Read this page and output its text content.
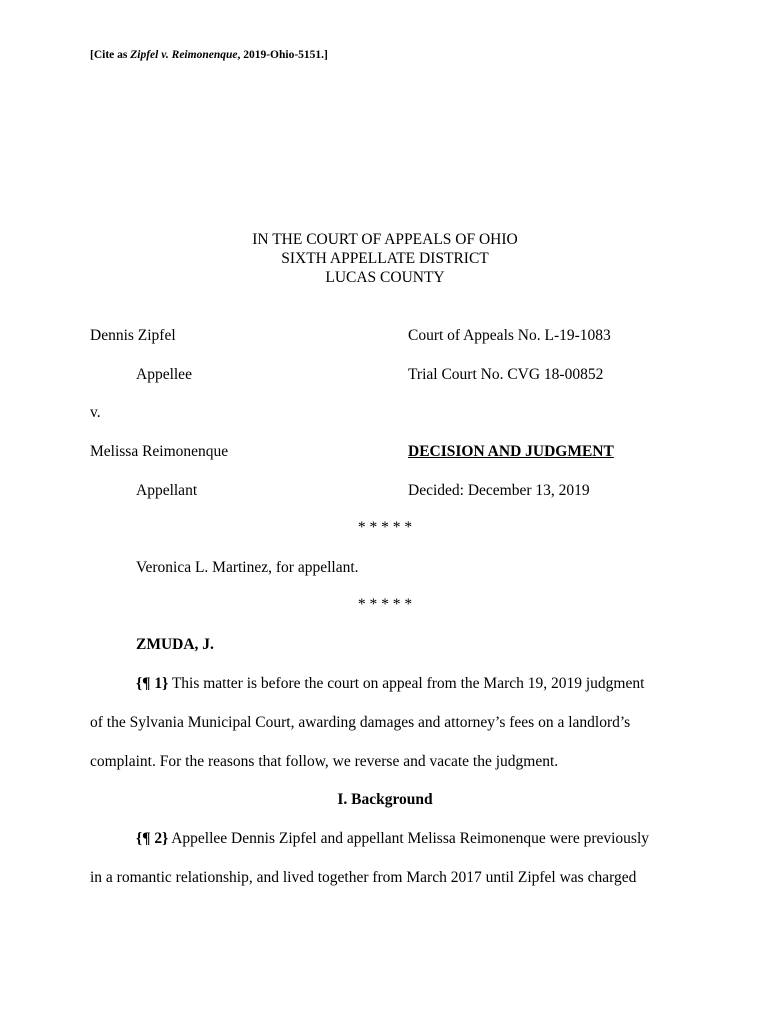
[Cite as Zipfel v. Reimonenque, 2019-Ohio-5151.]
IN THE COURT OF APPEALS OF OHIO
SIXTH APPELLATE DISTRICT
LUCAS COUNTY
Dennis Zipfel	Court of Appeals No. L-19-1083
Appellee	Trial Court No. CVG 18-00852
v.
Melissa Reimonenque	DECISION AND JUDGMENT
Appellant	Decided: December 13, 2019
* * * * *
Veronica L. Martinez, for appellant.
* * * * *
ZMUDA, J.
{¶ 1} This matter is before the court on appeal from the March 19, 2019 judgment
of the Sylvania Municipal Court, awarding damages and attorney’s fees on a landlord’s
complaint. For the reasons that follow, we reverse and vacate the judgment.
I. Background
{¶ 2} Appellee Dennis Zipfel and appellant Melissa Reimonenque were previously
in a romantic relationship, and lived together from March 2017 until Zipfel was charged
